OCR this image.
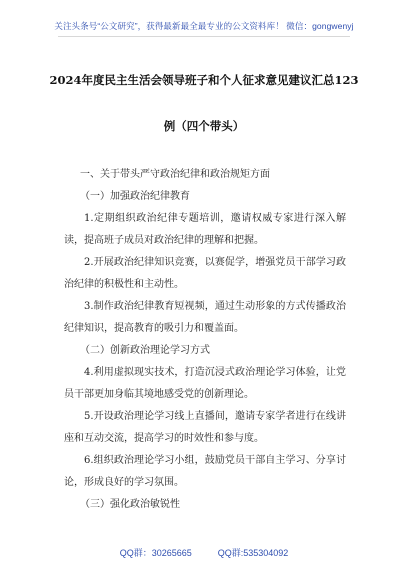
关注头条号“公文研究”，获得最新最全最专业的公文资料库！ 微信：gongwenyj
2024年度民主生活会领导班子和个人征求意见建议汇总123
例（四个带头）

一、关于带头严守政治纪律和政治规矩方面

（一）加强政治纪律教育

1.定期组织政治纪律专题培训，邀请权威专家进行深入解读，提高班子成员对政治纪律的理解和把握。

2.开展政治纪律知识竞赛，以赛促学，增强党员干部学习政治纪律的积极性和主动性。

3.制作政治纪律教育短视频，通过生动形象的方式传播政治纪律知识，提高教育的吸引力和覆盖面。

（二）创新政治理论学习方式

4.利用虚拟现实技术，打造沉浸式政治理论学习体验，让党员干部更加身临其境地感受党的创新理论。

5.开设政治理论学习线上直播间，邀请专家学者进行在线讲座和互动交流，提高学习的时效性和参与度。

6.组织政治理论学习小组，鼓励党员干部自主学习、分享讨论，形成良好的学习氛围。

（三）强化政治敏锐性

QQ群：30265665	QQ群:535304092
